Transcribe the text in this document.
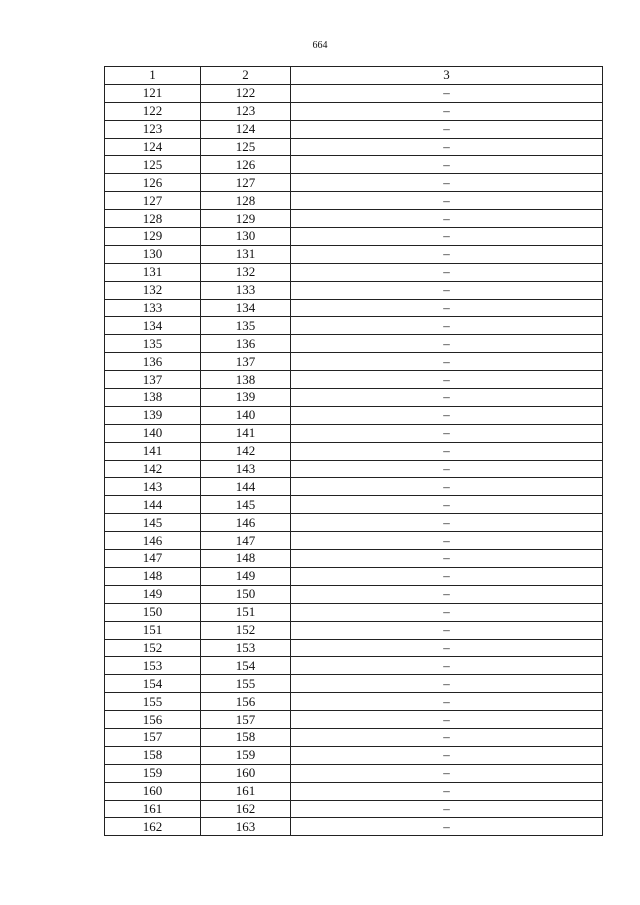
664
1	2	3
121	122	–
122	123	–
123	124	–
124	125	–
125	126	–
126	127	–
127	128	–
128	129	–
129	130	–
130	131	–
131	132	–
132	133	–
133	134	–
134	135	–
135	136	–
136	137	–
137	138	–
138	139	–
139	140	–
140	141	–
141	142	–
142	143	–
143	144	–
144	145	–
145	146	–
146	147	–
147	148	–
148	149	–
149	150	–
150	151	–
151	152	–
152	153	–
153	154	–
154	155	–
155	156	–
156	157	–
157	158	–
158	159	–
159	160	–
160	161	–
161	162	–
162	163	–
